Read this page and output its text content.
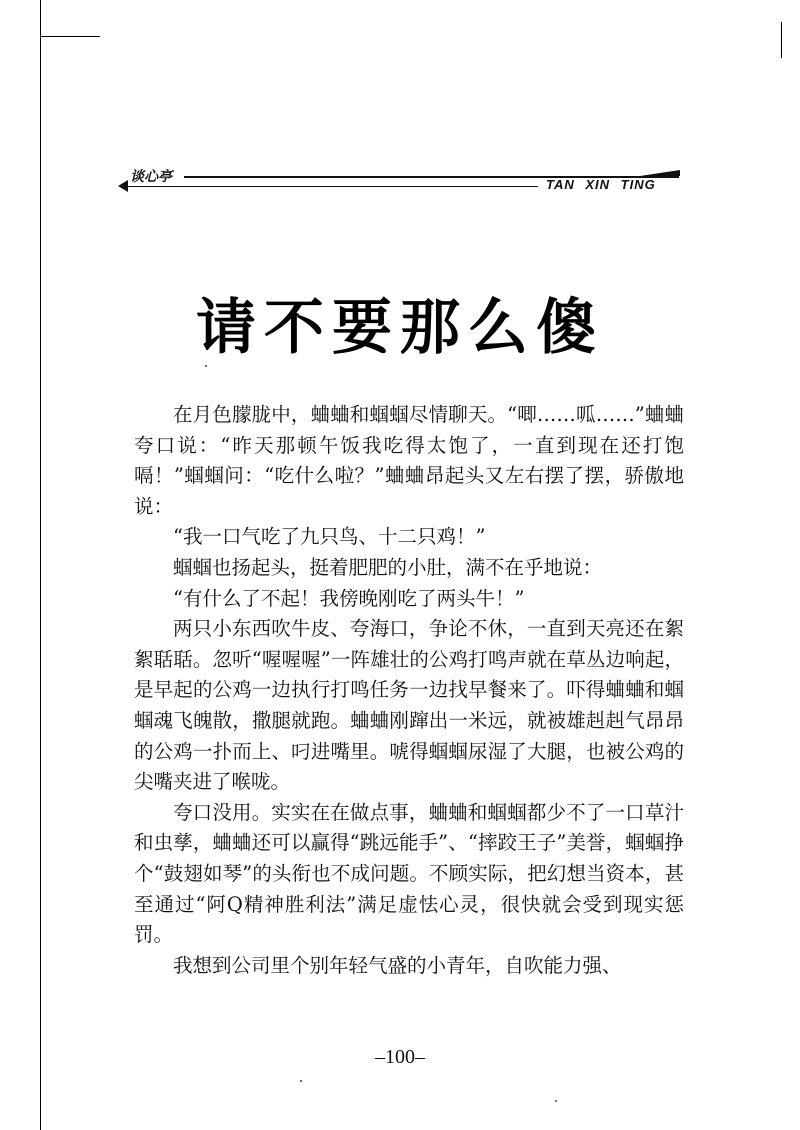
谈心亭	TAN XIN TING
请不要那么傻

在月色朦胧中，蛐蛐和蝈蝈尽情聊天。“唧……呱……”蛐蛐夸口说：“昨天那顿午饭我吃得太饱了，一直到现在还打饱嗝！”蝈蝈问：“吃什么啦？”蛐蛐昂起头又左右摆了摆，骄傲地说：

“我一口气吃了九只鸟、十二只鸡！”

蝈蝈也扬起头，挺着肥肥的小肚，满不在乎地说：

“有什么了不起！我傍晚刚吃了两头牛！”

两只小东西吹牛皮、夸海口，争论不休，一直到天亮还在絮絮聒聒。忽听“喔喔喔”一阵雄壮的公鸡打鸣声就在草丛边响起，是早起的公鸡一边执行打鸣任务一边找早餐来了。吓得蛐蛐和蝈蝈魂飞魄散，撒腿就跑。蛐蛐刚蹿出一米远，就被雄赳赳气昂昂的公鸡一扑而上、叼进嘴里。唬得蝈蝈尿湿了大腿，也被公鸡的尖嘴夹进了喉咙。

夸口没用。实实在在做点事，蛐蛐和蝈蝈都少不了一口草汁和虫孳，蛐蛐还可以赢得“跳远能手”、“摔跤王子”美誉，蝈蝈挣个“鼓翅如琴”的头衔也不成问题。不顾实际，把幻想当资本，甚至通过“阿Q精神胜利法”满足虚怯心灵，很快就会受到现实惩罚。

我想到公司里个别年轻气盛的小青年，自吹能力强、

–100–
